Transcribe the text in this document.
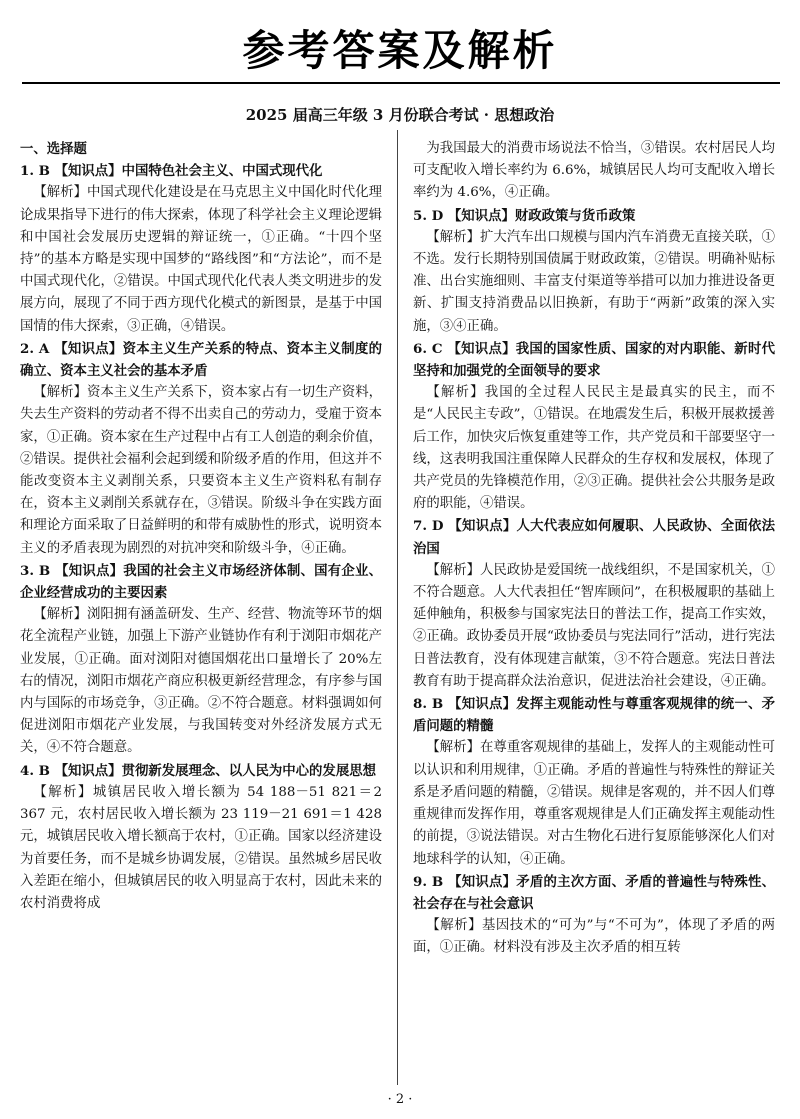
参考答案及解析
2025 届高三年级 3 月份联合考试 · 思想政治
一、选择题
1. B 【知识点】中国特色社会主义、中国式现代化
【解析】中国式现代化建设是在马克思主义中国化时代化理论成果指导下进行的伟大探索，体现了科学社会主义理论逻辑和中国社会发展历史逻辑的辩证统一，①正确。“十四个坚持”的基本方略是实现中国梦的“路线图”和“方法论”，而不是中国式现代化，②错误。中国式现代化代表人类文明进步的发展方向，展现了不同于西方现代化模式的新图景，是基于中国国情的伟大探索，③正确，④错误。
2. A 【知识点】资本主义生产关系的特点、资本主义制度的确立、资本主义社会的基本矛盾
【解析】资本主义生产关系下，资本家占有一切生产资料，失去生产资料的劳动者不得不出卖自己的劳动力，受雇于资本家，①正确。资本家在生产过程中占有工人创造的剩余价值，②错误。提供社会福利会起到缓和阶级矛盾的作用，但这并不能改变资本主义剥削关系，只要资本主义生产资料私有制存在，资本主义剥削关系就存在，③错误。阶级斗争在实践方面和理论方面采取了日益鲜明的和带有威胁性的形式，说明资本主义的矛盾表现为剧烈的对抗冲突和阶级斗争，④正确。
3. B 【知识点】我国的社会主义市场经济体制、国有企业、企业经营成功的主要因素
【解析】浏阳拥有涵盖研发、生产、经营、物流等环节的烟花全流程产业链，加强上下游产业链协作有利于浏阳市烟花产业发展，①正确。面对浏阳对德国烟花出口量增长了 20%左右的情况，浏阳市烟花产商应积极更新经营理念，有序参与国内与国际的市场竞争，③正确。②不符合题意。材料强调如何促进浏阳市烟花产业发展，与我国转变对外经济发展方式无关，④不符合题意。
4. B 【知识点】贯彻新发展理念、以人民为中心的发展思想
【解析】城镇居民收入增长额为 54 188－51 821＝2 367 元，农村居民收入增长额为 23 119－21 691＝1 428 元，城镇居民收入增长额高于农村，①正确。国家以经济建设为首要任务，而不是城乡协调发展，②错误。虽然城乡居民收入差距在缩小，但城镇居民的收入明显高于农村，因此未来的农村消费将成
为我国最大的消费市场说法不恰当，③错误。农村居民人均可支配收入增长率约为 6.6%，城镇居民人均可支配收入增长率约为 4.6%，④正确。
5. D 【知识点】财政政策与货币政策
【解析】扩大汽车出口规模与国内汽车消费无直接关联，①不选。发行长期特别国债属于财政政策，②错误。明确补贴标准、出台实施细则、丰富支付渠道等举措可以加力推进设备更新、扩围支持消费品以旧换新，有助于“两新”政策的深入实施，③④正确。
6. C 【知识点】我国的国家性质、国家的对内职能、新时代坚持和加强党的全面领导的要求
【解析】我国的全过程人民民主是最真实的民主，而不是“人民民主专政”，①错误。在地震发生后，积极开展救援善后工作，加快灾后恢复重建等工作，共产党员和干部要坚守一线，这表明我国注重保障人民群众的生存权和发展权，体现了共产党员的先锋模范作用，②③正确。提供社会公共服务是政府的职能，④错误。
7. D 【知识点】人大代表应如何履职、人民政协、全面依法治国
【解析】人民政协是爱国统一战线组织，不是国家机关，①不符合题意。人大代表担任“智库顾问”，在积极履职的基础上延伸触角，积极参与国家宪法日的普法工作，提高工作实效，②正确。政协委员开展“政协委员与宪法同行”活动，进行宪法日普法教育，没有体现建言献策，③不符合题意。宪法日普法教育有助于提高群众法治意识，促进法治社会建设，④正确。
8. B 【知识点】发挥主观能动性与尊重客观规律的统一、矛盾问题的精髓
【解析】在尊重客观规律的基础上，发挥人的主观能动性可以认识和利用规律，①正确。矛盾的普遍性与特殊性的辩证关系是矛盾问题的精髓，②错误。规律是客观的，并不因人们尊重规律而发挥作用，尊重客观规律是人们正确发挥主观能动性的前提，③说法错误。对古生物化石进行复原能够深化人们对地球科学的认知，④正确。
9. B 【知识点】矛盾的主次方面、矛盾的普遍性与特殊性、社会存在与社会意识
【解析】基因技术的“可为”与“不可为”，体现了矛盾的两面，①正确。材料没有涉及主次矛盾的相互转
· 2 ·
